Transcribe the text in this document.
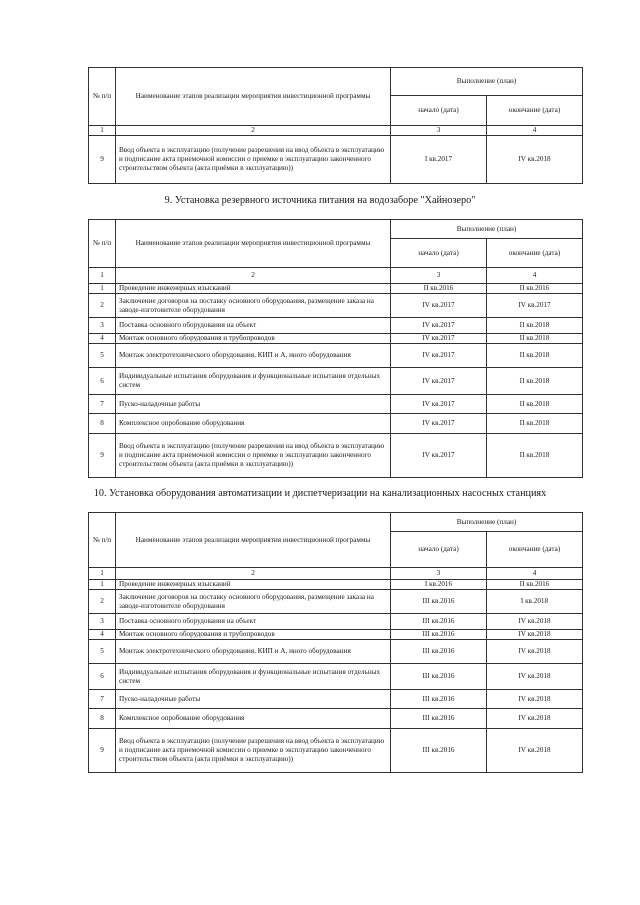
№ п/п	Наименование этапов реализации мероприятия инвестиционной программы	Выполнение (план)	
		начало (дата)	окончание (дата)
1	2	3	4
9	Ввод объекта в эксплуатацию (получение разрешения на ввод объекта в эксплуатацию и подписание акта приемочной комиссии о приемке в эксплуатацию законченного строительством объекта (акта приёмки в эксплуатацию))	I кв.2017	IV кв.2018
9. Установка резервного источника питания на водозаборе "Хайнозеро"
№ п/п	Наименование этапов реализации мероприятия инвестиционной программы	Выполнение (план)	
		начало (дата)	окончание (дата)
1	2	3	4
1	Проведение инженерных изысканий	II кв.2016	II кв.2016
2	Заключение договоров на поставку основного оборудования, размещение заказа на заводе-изготовителе оборудования	IV кв.2017	IV кв.2017
3	Поставка основного оборудования на объект	IV кв.2017	II кв.2018
4	Монтаж основного оборудования и трубопроводов	IV кв.2017	II кв.2018
5	Монтаж электротехнического оборудования, КИП и А, иного оборудования	IV кв.2017	II кв.2018
6	Индивидуальные испытания оборудования и функциональные испытания отдельных систем	IV кв.2017	II кв.2018
7	Пуско-наладочные работы	IV кв.2017	II кв.2018
8	Комплексное опробование оборудования	IV кв.2017	II кв.2018
9	Ввод объекта в эксплуатацию (получение разрешения на ввод объекта в эксплуатацию и подписание акта приемочной комиссии о приемке в эксплуатацию законченного строительством объекта (акта приёмки в эксплуатацию))	IV кв.2017	II кв.2018
10. Установка оборудования автоматизации и диспетчеризации на канализационных насосных станциях
№ п/п	Наименование этапов реализации мероприятия инвестиционной программы	Выполнение (план)	
		начало (дата)	окончание (дата)
1	2	3	4
1	Проведение инженерных изысканий	I кв.2016	II кв.2016
2	Заключение договоров на поставку основного оборудования, размещение заказа на заводе-изготовителе оборудования	III кв.2016	I кв.2018
3	Поставка основного оборудования на объект	III кв.2016	IV кв.2018
4	Монтаж основного оборудования и трубопроводов	III кв.2016	IV кв.2018
5	Монтаж электротехнического оборудования, КИП и А, иного оборудования	III кв.2016	IV кв.2018
6	Индивидуальные испытания оборудования и функциональные испытания отдельных систем	III кв.2016	IV кв.2018
7	Пуско-наладочные работы	III кв.2016	IV кв.2018
8	Комплексное опробование оборудования	III кв.2016	IV кв.2018
9	Ввод объекта в эксплуатацию (получение разрешения на ввод объекта в эксплуатацию и подписание акта приемочной комиссии о приемке в эксплуатацию законченного строительством объекта (акта приёмки в эксплуатацию))	III кв.2016	IV кв.2018
